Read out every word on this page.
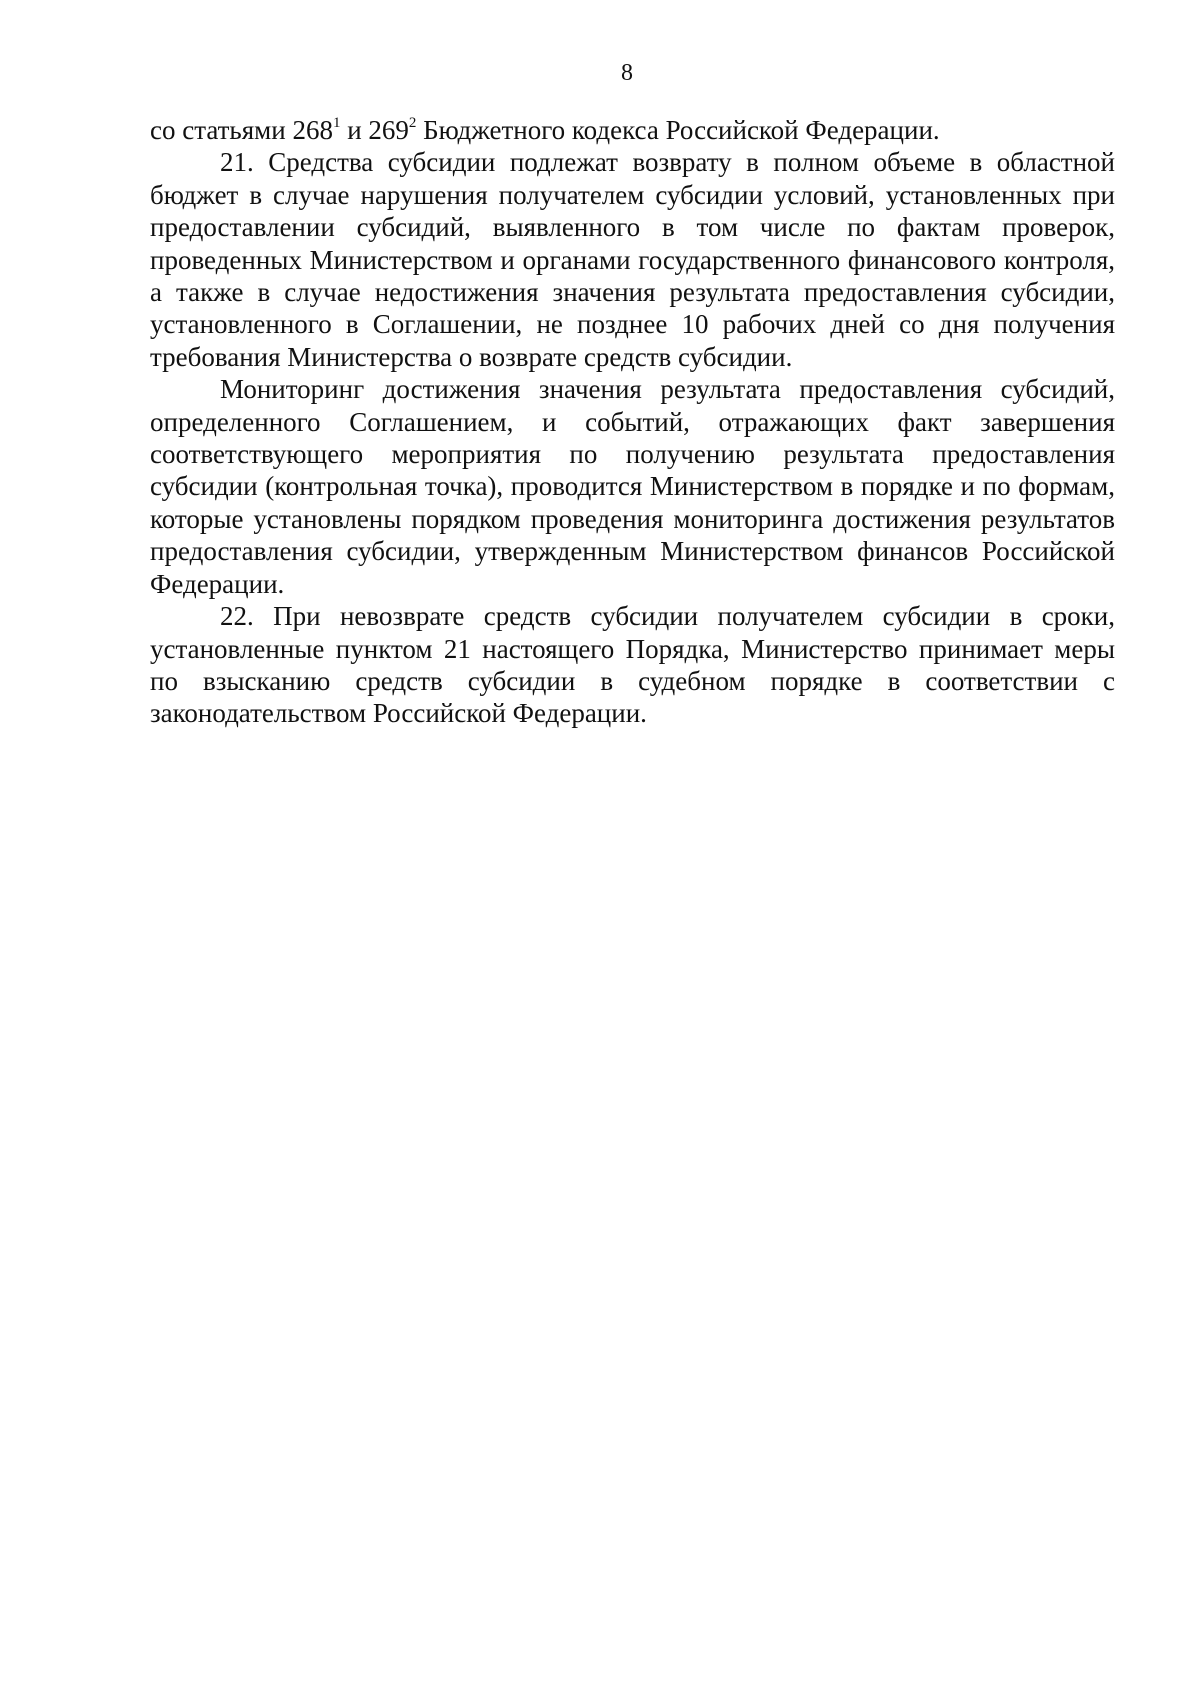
8

со статьями $268^1$ и $269^2$ Бюджетного кодекса Российской Федерации.

21. Средства субсидии подлежат возврату в полном объеме в областной бюджет в случае нарушения получателем субсидии условий, установленных при предоставлении субсидий, выявленного в том числе по фактам проверок, проведенных Министерством и органами государственного финансового контроля, а также в случае недостижения значения результата предоставления субсидии, установленного в Соглашении, не позднее 10 рабочих дней со дня получения требования Министерства о возврате средств субсидии.

Мониторинг достижения значения результата предоставления субсидий, определенного Соглашением, и событий, отражающих факт завершения соответствующего мероприятия по получению результата предоставления субсидии (контрольная точка), проводится Министерством в порядке и по формам, которые установлены порядком проведения мониторинга достижения результатов предоставления субсидии, утвержденным Министерством финансов Российской Федерации.

22. При невозврате средств субсидии получателем субсидии в сроки, установленные пунктом 21 настоящего Порядка, Министерство принимает меры по взысканию средств субсидии в судебном порядке в соответствии с законодательством Российской Федерации.
